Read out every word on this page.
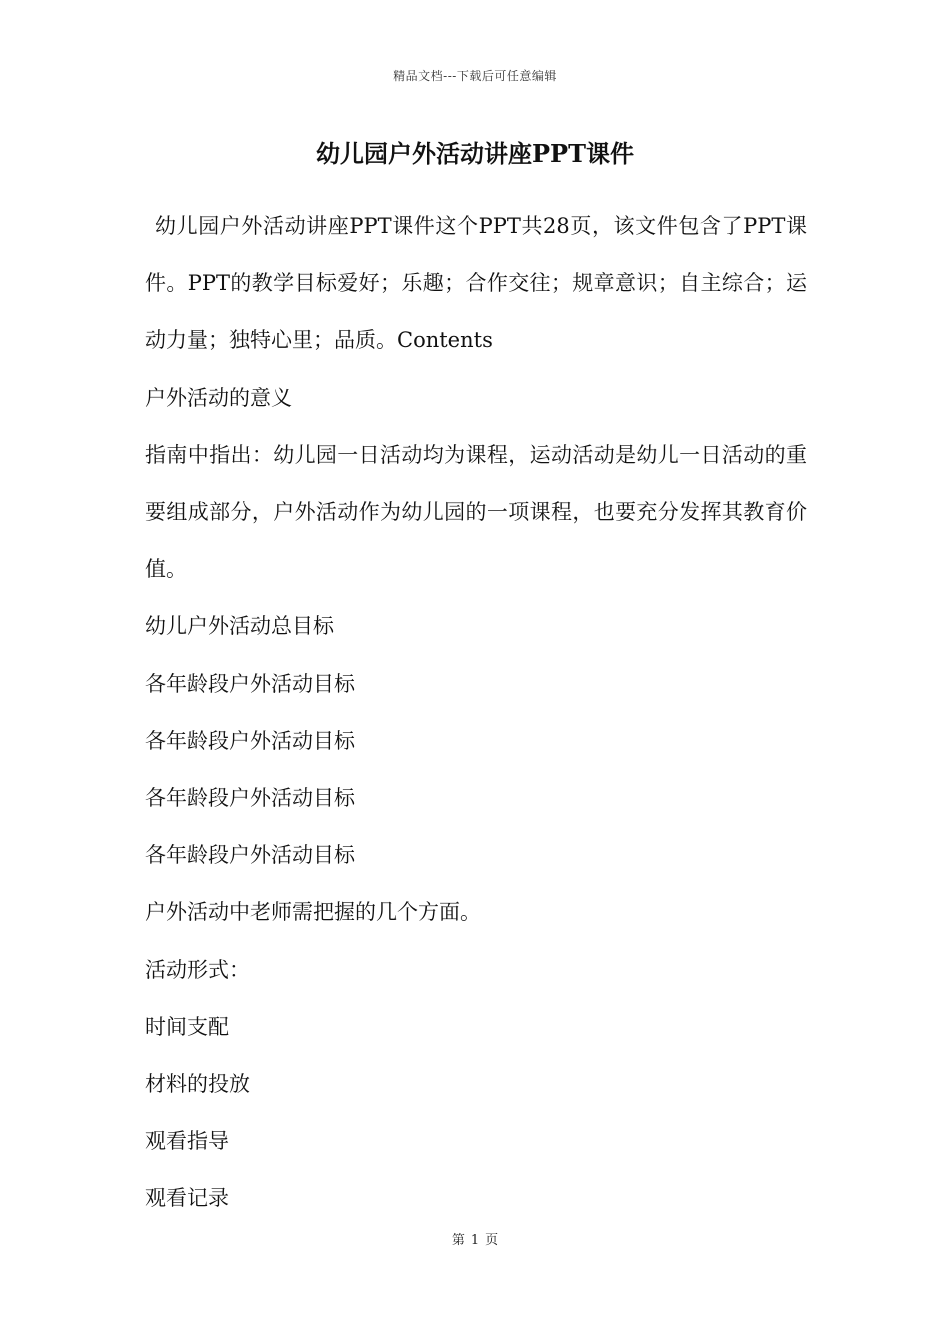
精品文档---下载后可任意编辑
幼儿园户外活动讲座PPT课件

幼儿园户外活动讲座PPT课件这个PPT共28页，该文件包含了PPT课件。PPT的教学目标爱好；乐趣；合作交往；规章意识；自主综合；运动力量；独特心里；品质。Contents

户外活动的意义

指南中指出：幼儿园一日活动均为课程，运动活动是幼儿一日活动的重要组成部分，户外活动作为幼儿园的一项课程，也要充分发挥其教育价值。

幼儿户外活动总目标

各年龄段户外活动目标

各年龄段户外活动目标

各年龄段户外活动目标

各年龄段户外活动目标

户外活动中老师需把握的几个方面。

活动形式：

时间支配

材料的投放

观看指导

观看记录

第 1 页
